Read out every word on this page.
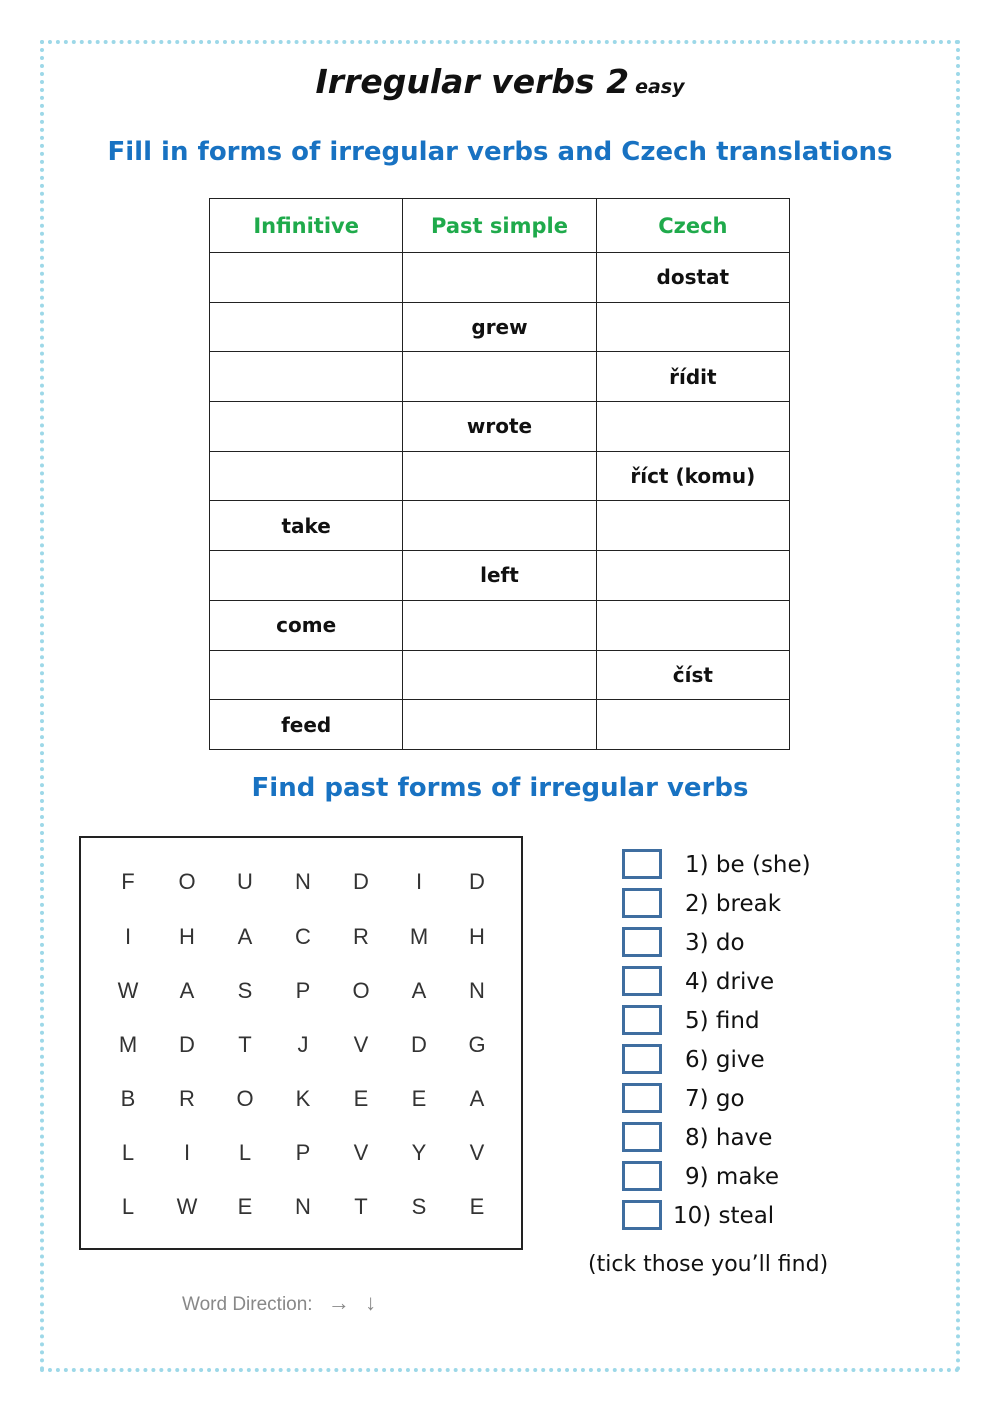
Irregular verbs 2 easy
Fill in forms of irregular verbs and Czech translations
Infinitive	Past simple	Czech
		dostat
	grew	
		řídit
	wrote	
		říct (komu)
take		
	left	
come		
		číst
feed		
Find past forms of irregular verbs
F	O	U	N	D	I	D
I	H	A	C	R	M	H
W	A	S	P	O	A	N
M	D	T	J	V	D	G
B	R	O	K	E	E	A
L	I	L	P	V	Y	V
L	W	E	N	T	S	E
Word Direction: → ↓
1) be (she)
2) break
3) do
4) drive
5) find
6) give
7) go
8) have
9) make
10) steal
(tick those you’ll find)
